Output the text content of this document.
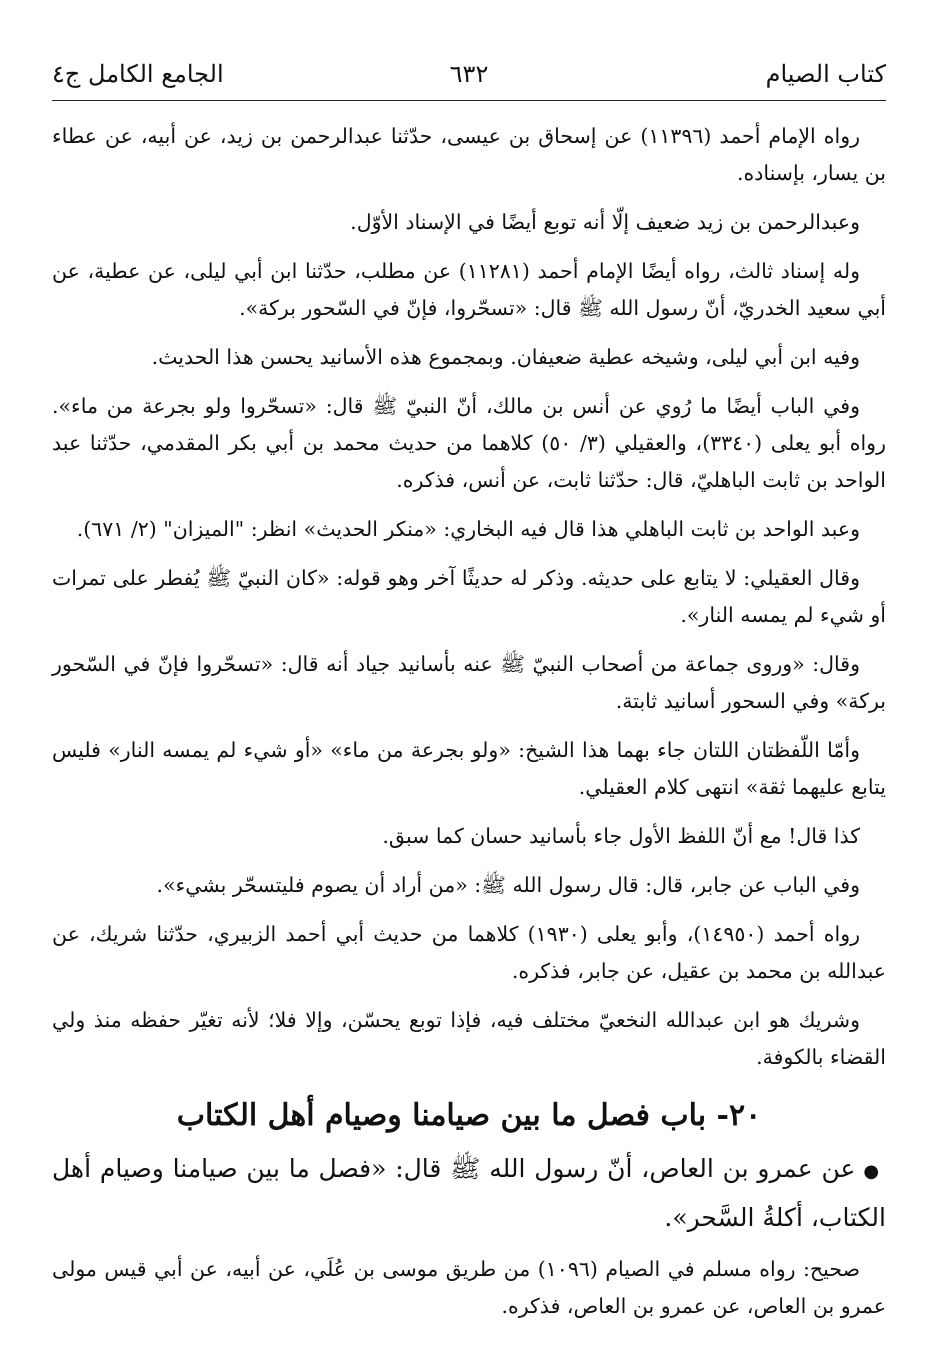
كتاب الصيام
٦٣٢
الجامع الكامل ج٤

رواه الإمام أحمد (١١٣٩٦) عن إسحاق بن عيسى، حدّثنا عبدالرحمن بن زيد، عن أبيه، عن عطاء بن يسار، بإسناده.

وعبدالرحمن بن زيد ضعيف إلّا أنه توبع أيضًا في الإسناد الأوّل.

وله إسناد ثالث، رواه أيضًا الإمام أحمد (١١٢٨١) عن مطلب، حدّثنا ابن أبي ليلى، عن عطية، عن أبي سعيد الخدريّ، أنّ رسول الله ﷺ قال: «تسحّروا، فإنّ في السّحور بركة».

وفيه ابن أبي ليلى، وشيخه عطية ضعيفان. وبمجموع هذه الأسانيد يحسن هذا الحديث.

وفي الباب أيضًا ما رُوي عن أنس بن مالك، أنّ النبيّ ﷺ قال: «تسحّروا ولو بجرعة من ماء». رواه أبو يعلى (٣٣٤٠)، والعقيلي (٣/ ٥٠) كلاهما من حديث محمد بن أبي بكر المقدمي، حدّثنا عبد الواحد بن ثابت الباهليّ، قال: حدّثنا ثابت، عن أنس، فذكره.

وعبد الواحد بن ثابت الباهلي هذا قال فيه البخاري: «منكر الحديث» انظر: "الميزان" (٢/ ٦٧١).

وقال العقيلي: لا يتابع على حديثه. وذكر له حديثًا آخر وهو قوله: «كان النبيّ ﷺ يُفطر على تمرات أو شيء لم يمسه النار».

وقال: «وروى جماعة من أصحاب النبيّ ﷺ عنه بأسانيد جياد أنه قال: «تسحّروا فإنّ في السّحور بركة» وفي السحور أسانيد ثابتة.

وأمّا اللّفظتان اللتان جاء بهما هذا الشيخ: «ولو بجرعة من ماء» «أو شيء لم يمسه النار» فليس يتابع عليهما ثقة» انتهى كلام العقيلي.

كذا قال! مع أنّ اللفظ الأول جاء بأسانيد حسان كما سبق.

وفي الباب عن جابر، قال: قال رسول الله ﷺ: «من أراد أن يصوم فليتسحّر بشيء».

رواه أحمد (١٤٩٥٠)، وأبو يعلى (١٩٣٠) كلاهما من حديث أبي أحمد الزبيري، حدّثنا شريك، عن عبدالله بن محمد بن عقيل، عن جابر، فذكره.

وشريك هو ابن عبدالله النخعيّ مختلف فيه، فإذا توبع يحسّن، وإلا فلا؛ لأنه تغيّر حفظه منذ ولي القضاء بالكوفة.

٢٠- باب فصل ما بين صيامنا وصيام أهل الكتاب

●عن عمرو بن العاص، أنّ رسول الله ﷺ قال: «فصل ما بين صيامنا وصيام أهل الكتاب، أكلةُ السَّحر».

صحيح: رواه مسلم في الصيام (١٠٩٦) من طريق موسى بن عُلَي، عن أبيه، عن أبي قيس مولى عمرو بن العاص، عن عمرو بن العاص، فذكره.
